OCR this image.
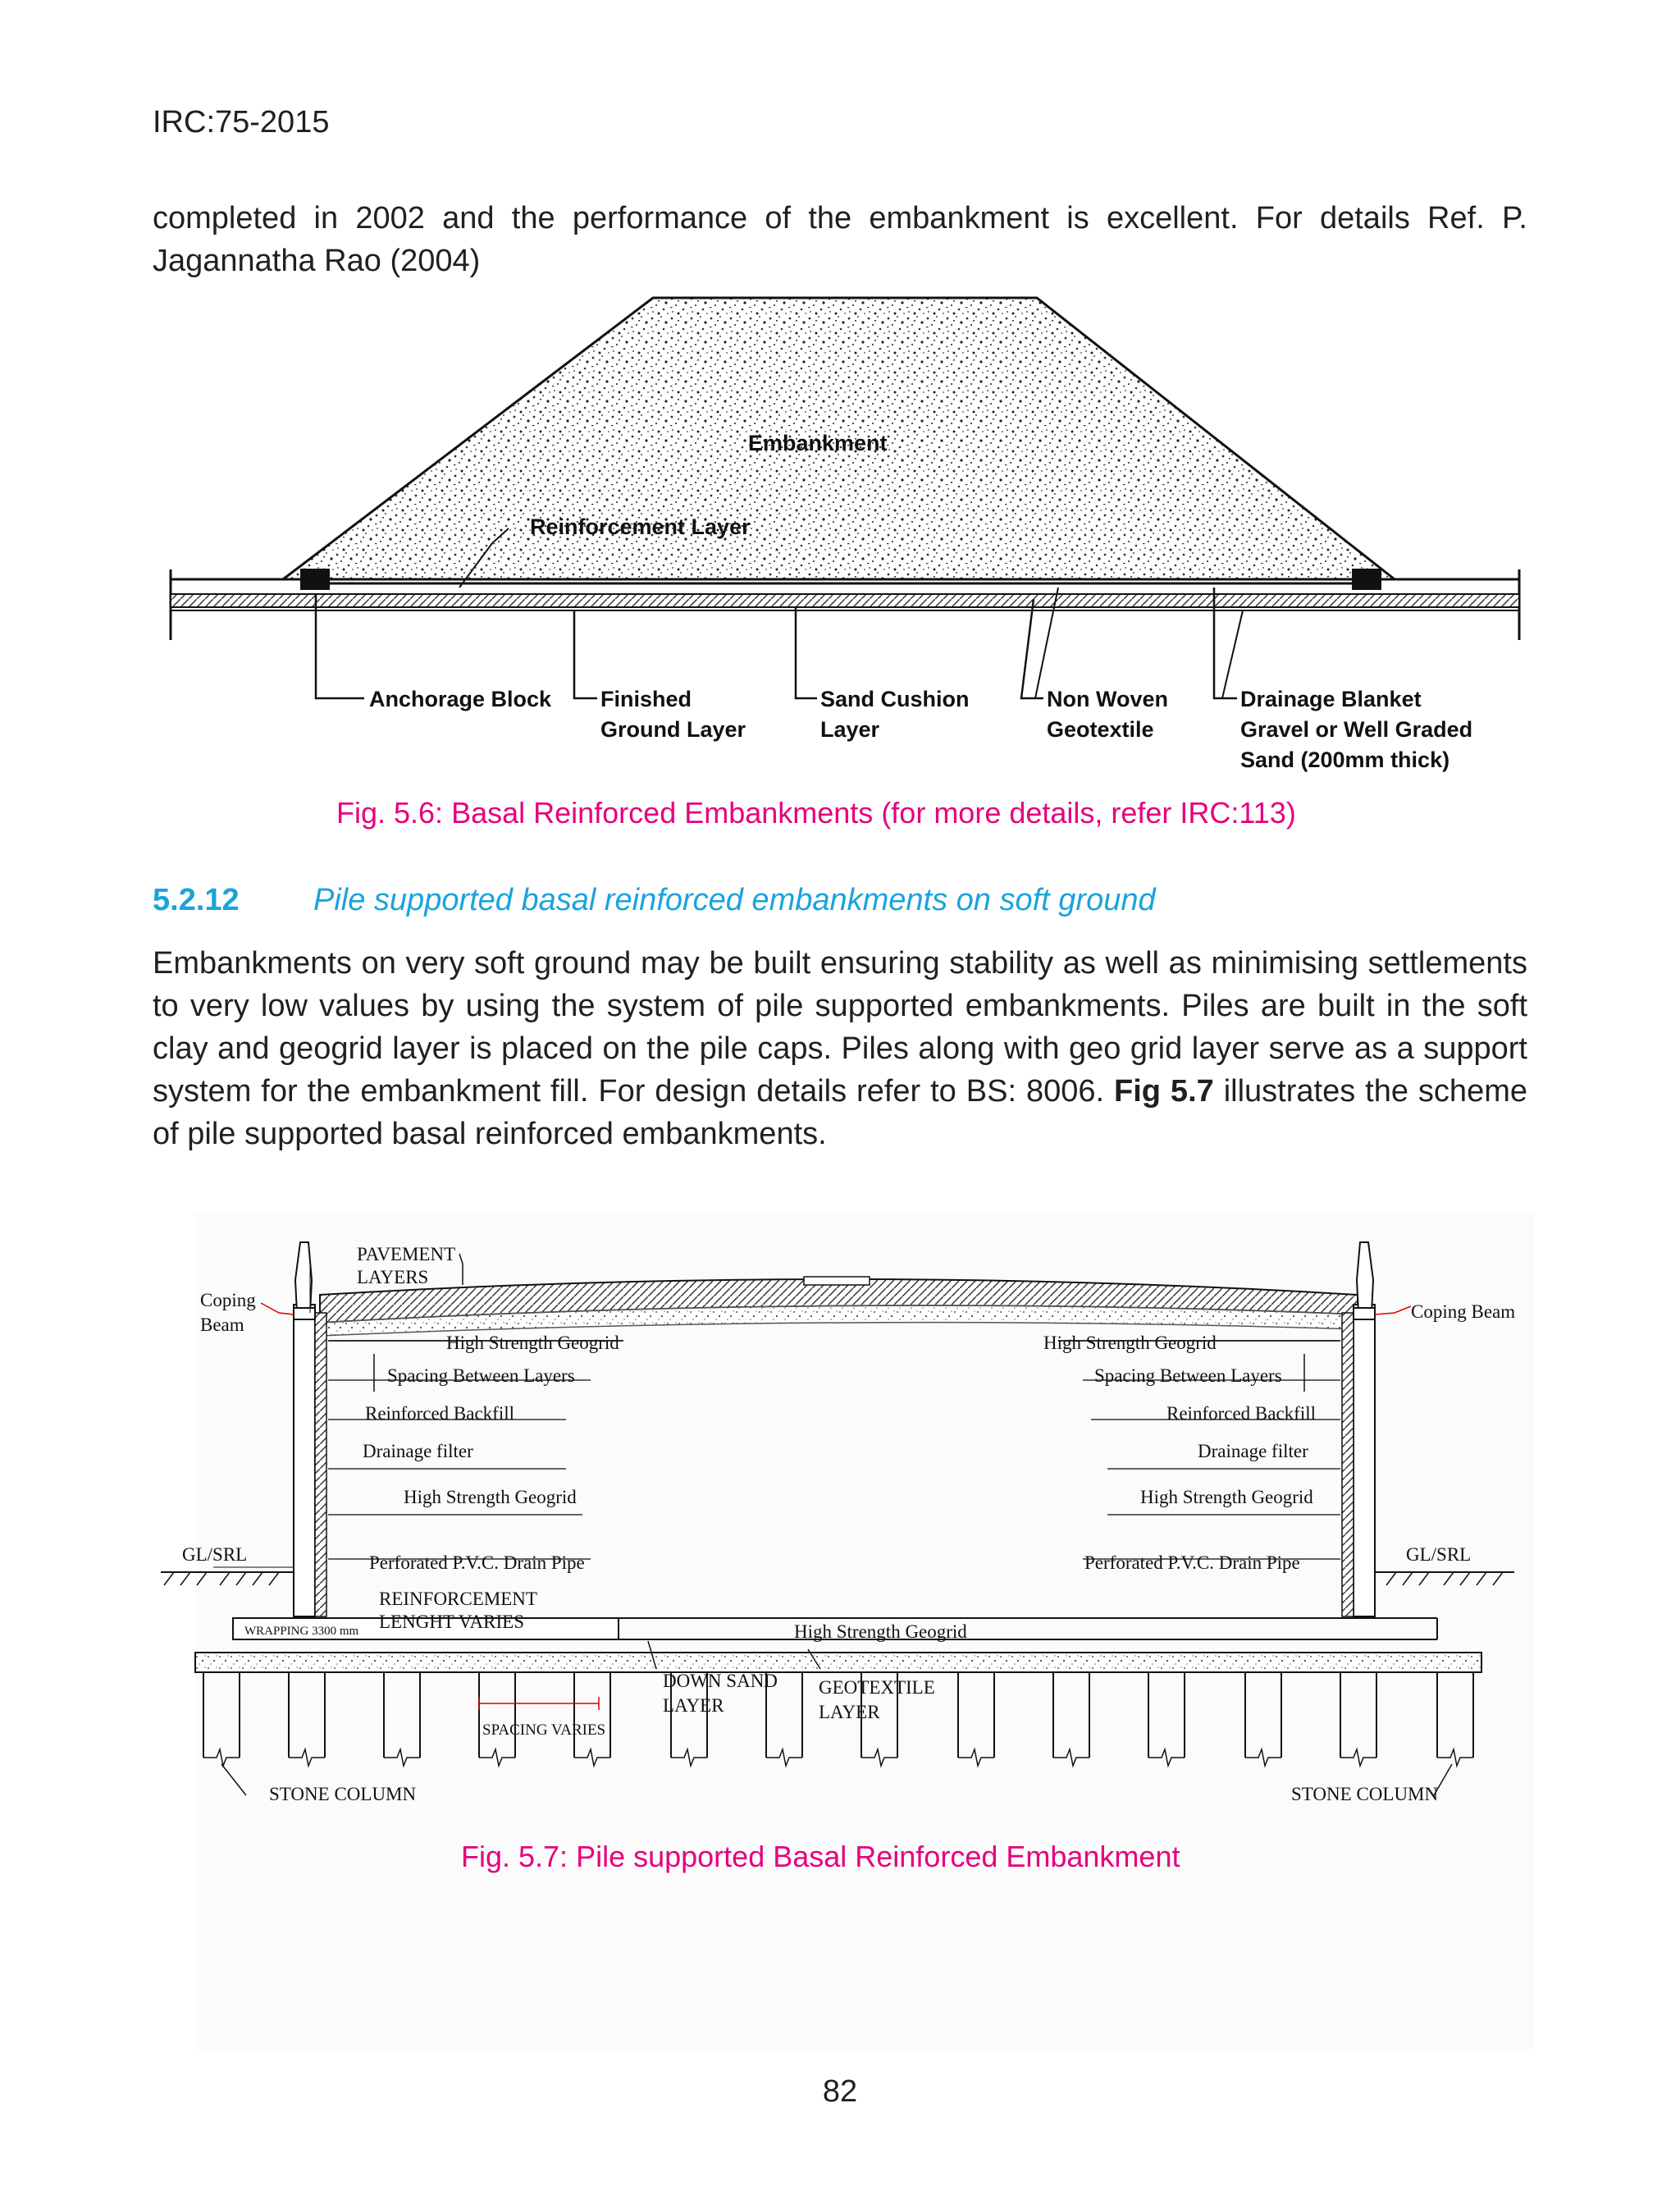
IRC:75-2015
completed in 2002 and the performance of the embankment is excellent. For details Ref. P. Jagannatha Rao (2004)
Embankment
Reinforcement Layer
Anchorage Block Finished
Ground Layer
Sand Cushion
Layer
Non Woven
Geotextile
Drainage Blanket
Gravel or Well Graded
Sand (200mm thick)
PAVEMENT
LAYERS
Coping
Beam
Coping Beam
High Strength Geogrid	High Strength Geogrid
Spacing Between Layers	Spacing Between Layers
Reinforced Backfill	Reinforced Backfill
Drainage filter	Drainage filter
High Strength Geogrid	High Strength Geogrid
GL/SRL	GL/SRL
Perforated P.V.C. Drain Pipe	Perforated P.V.C. Drain Pipe
REINFORCEMENT
LENGHT VARIES
WRAPPING 3300 mm	High Strength Geogrid
DOWN SAND
LAYER
GEOTEXTILE
LAYER
SPACING VARIES
STONE COLUMN	STONE COLUMN
Fig. 5.6: Basal Reinforced Embankments (for more details, refer IRC:113)
5.2.12 Pile supported basal reinforced embankments on soft ground
Embankments on very soft ground may be built ensuring stability as well as minimising settlements to very low values by using the system of pile supported embankments. Piles are built in the soft clay and geogrid layer is placed on the pile caps. Piles along with geo grid layer serve as a support system for the embankment fill. For design details refer to BS: 8006. Fig 5.7 illustrates the scheme of pile supported basal reinforced embankments.
Fig. 5.7: Pile supported Basal Reinforced Embankment
82
